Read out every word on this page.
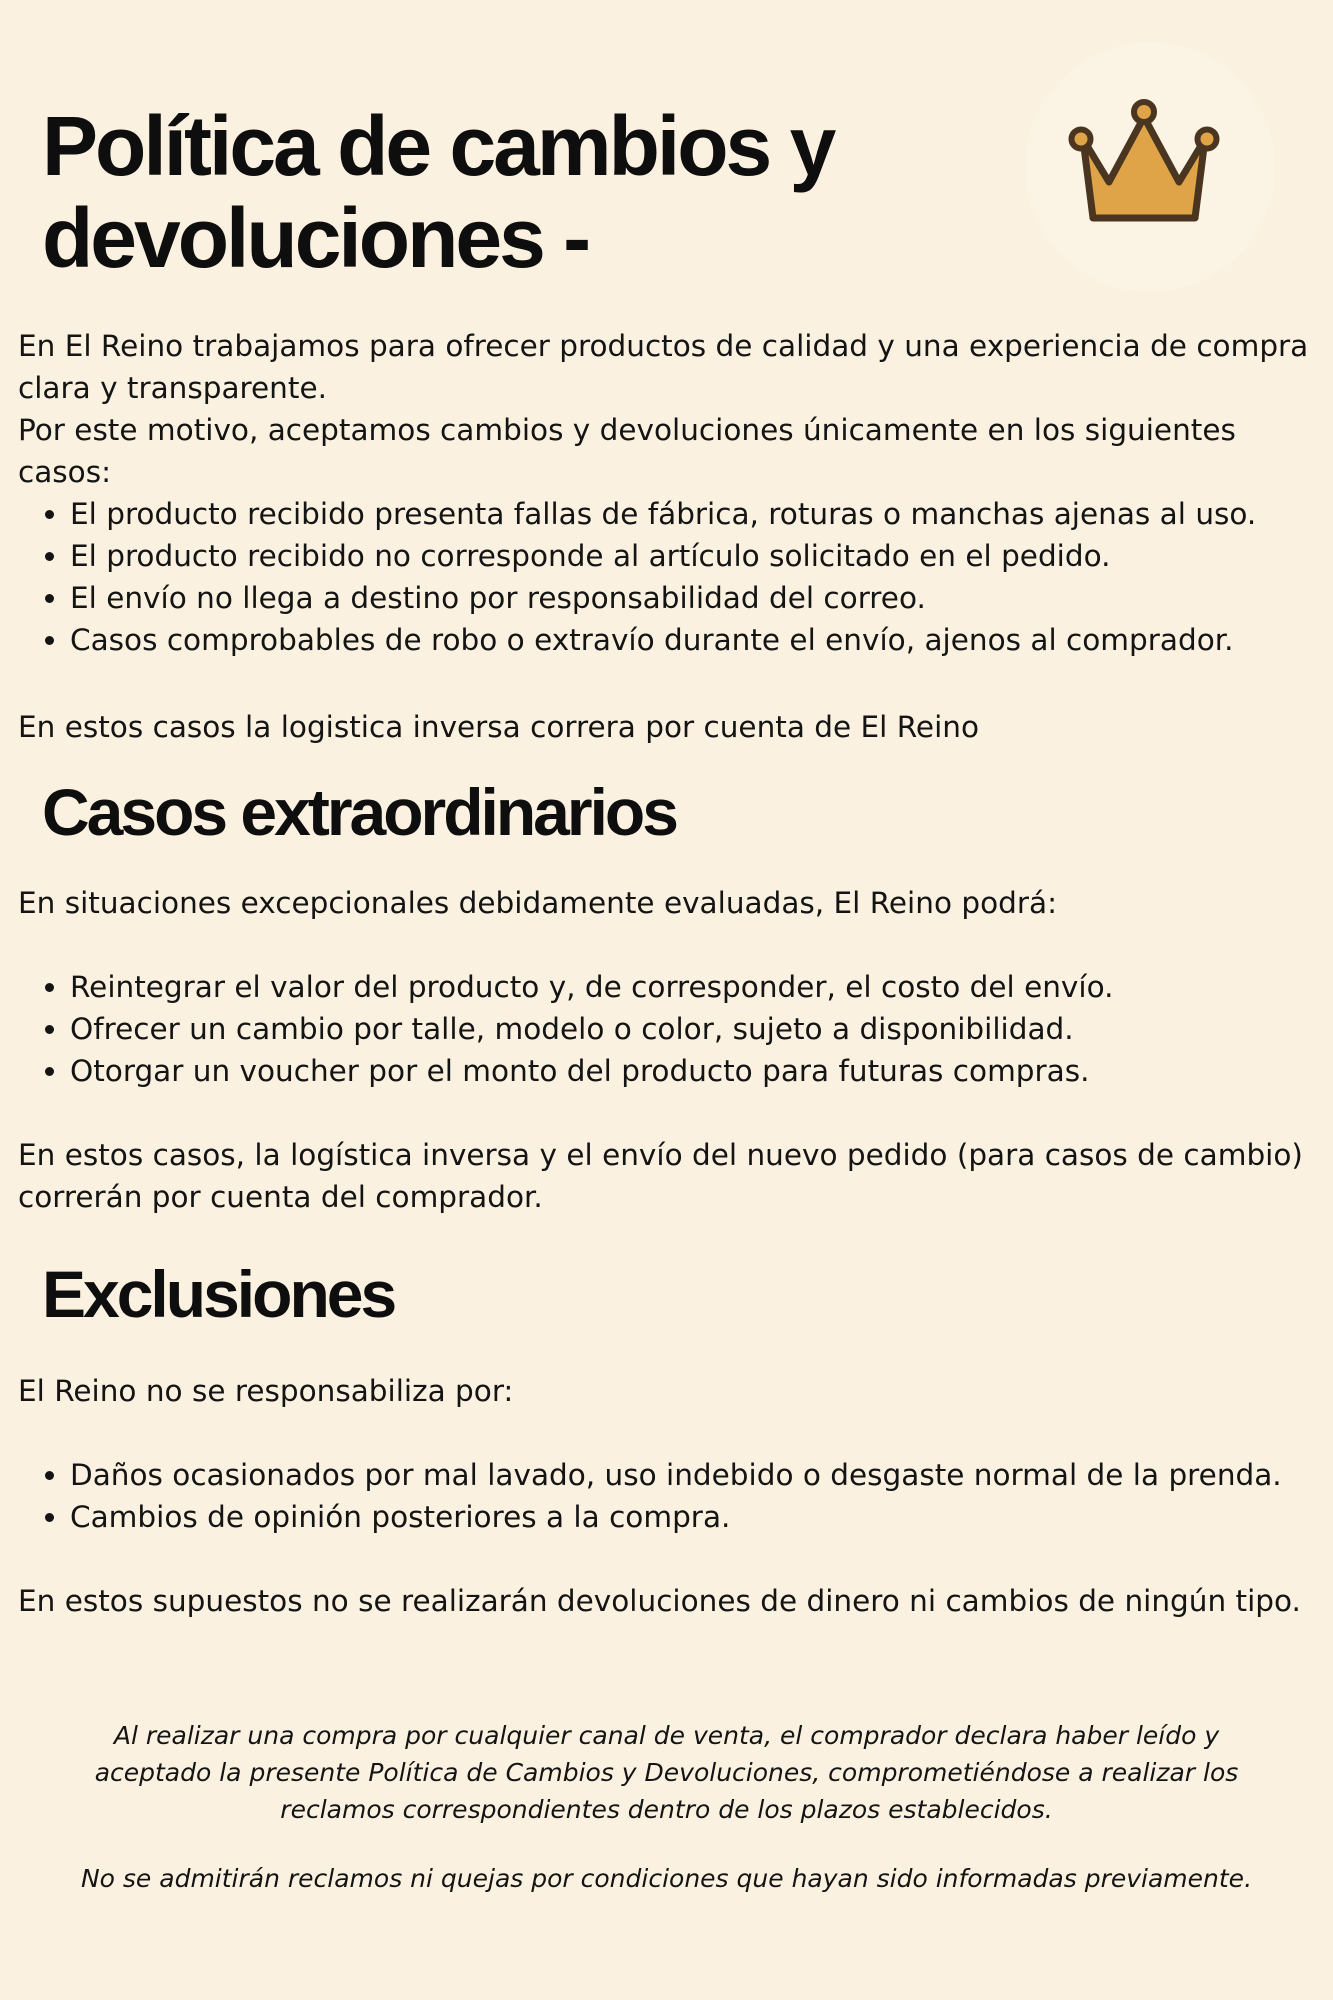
Política de cambios y devoluciones -

En El Reino trabajamos para ofrecer productos de calidad y una experiencia de compra clara y transparente.
Por este motivo, aceptamos cambios y devoluciones únicamente en los siguientes casos:

• El producto recibido presenta fallas de fábrica, roturas o manchas ajenas al uso.
• El producto recibido no corresponde al artículo solicitado en el pedido.
• El envío no llega a destino por responsabilidad del correo.
• Casos comprobables de robo o extravío durante el envío, ajenos al comprador.

En estos casos la logistica inversa correra por cuenta de El Reino

Casos extraordinarios

En situaciones excepcionales debidamente evaluadas, El Reino podrá:

• Reintegrar el valor del producto y, de corresponder, el costo del envío.
• Ofrecer un cambio por talle, modelo o color, sujeto a disponibilidad.
• Otorgar un voucher por el monto del producto para futuras compras.

En estos casos, la logística inversa y el envío del nuevo pedido (para casos de cambio) correrán por cuenta del comprador.

Exclusiones

El Reino no se responsabiliza por:

• Daños ocasionados por mal lavado, uso indebido o desgaste normal de la prenda.
• Cambios de opinión posteriores a la compra.

En estos supuestos no se realizarán devoluciones de dinero ni cambios de ningún tipo.

Al realizar una compra por cualquier canal de venta, el comprador declara haber leído y aceptado la presente Política de Cambios y Devoluciones, comprometiéndose a realizar los reclamos correspondientes dentro de los plazos establecidos.

No se admitirán reclamos ni quejas por condiciones que hayan sido informadas previamente.
